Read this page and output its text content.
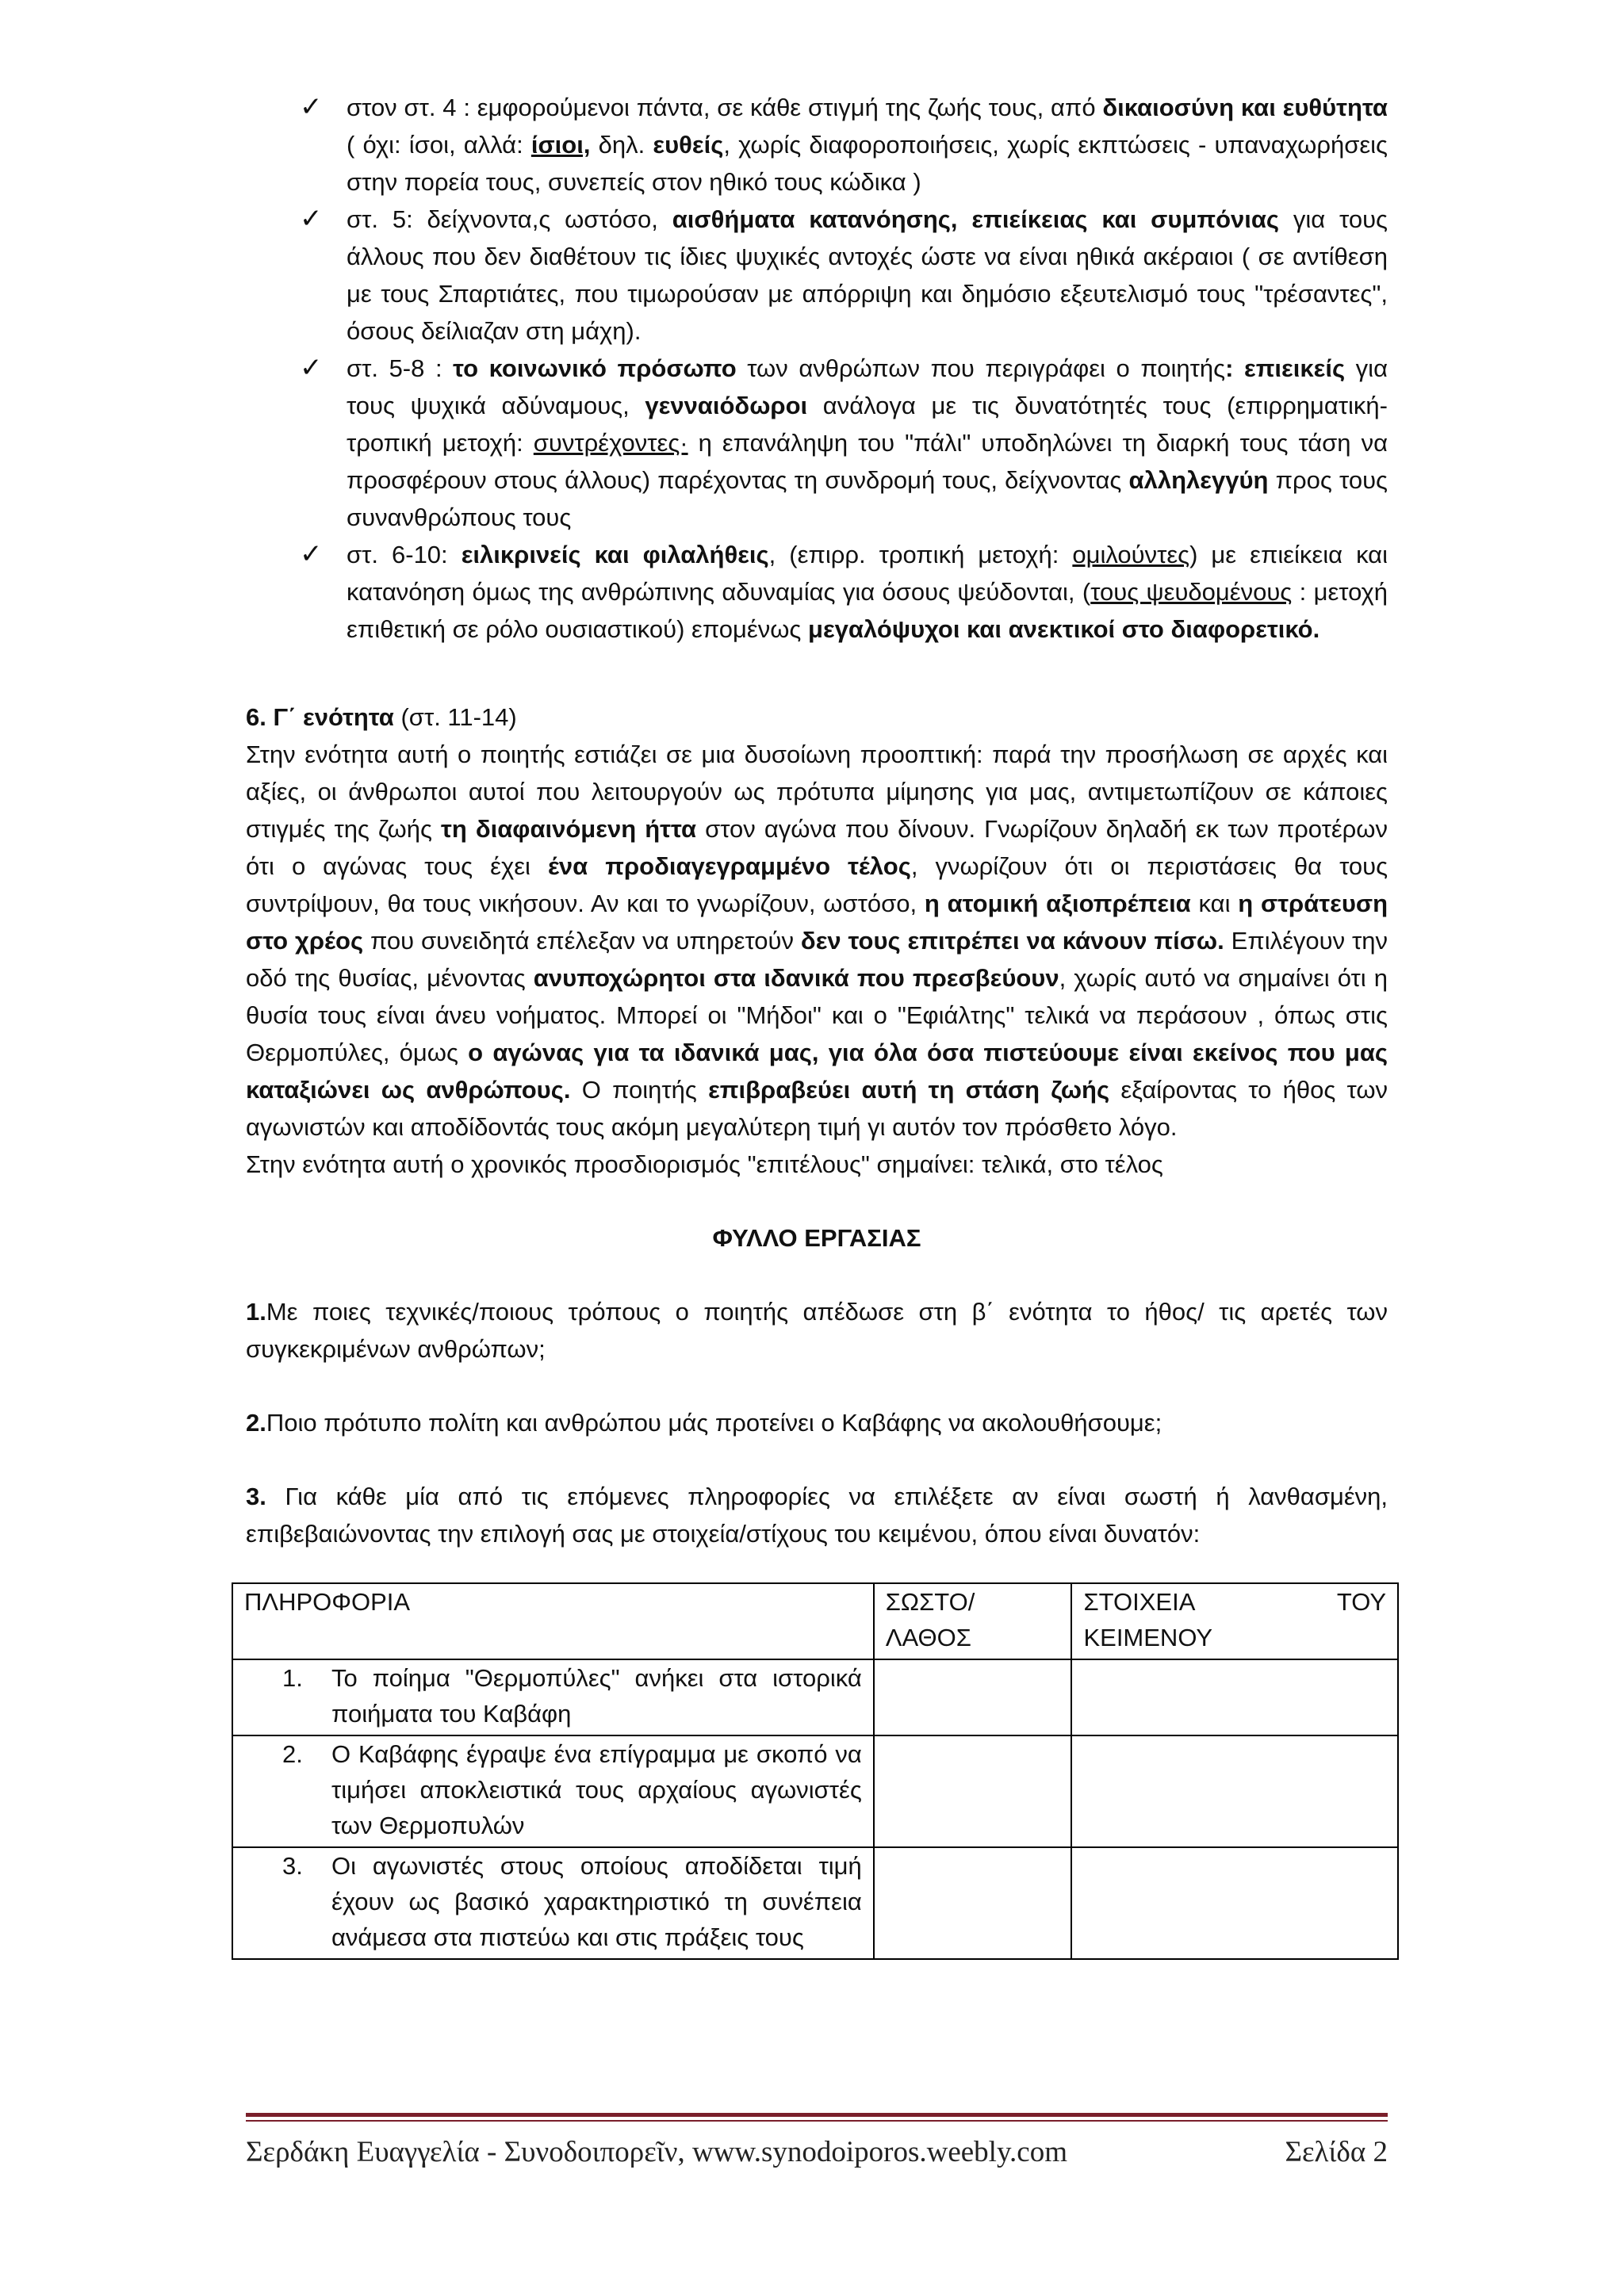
✓ στον στ. 4 : εμφορούμενοι πάντα, σε κάθε στιγμή της ζωής τους, από δικαιοσύνη και ευθύτητα ( όχι: ίσοι, αλλά: ίσιοι, δηλ. ευθείς, χωρίς διαφοροποιήσεις, χωρίς εκπτώσεις - υπαναχωρήσεις στην πορεία τους, συνεπείς στον ηθικό τους κώδικα )
✓ στ. 5: δείχνοντα,ς ωστόσο, αισθήματα κατανόησης, επιείκειας και συμπόνιας για τους άλλους που δεν διαθέτουν τις ίδιες ψυχικές αντοχές ώστε να είναι ηθικά ακέραιοι ( σε αντίθεση με τους Σπαρτιάτες, που τιμωρούσαν με απόρριψη και δημόσιο εξευτελισμό τους "τρέσαντες", όσους δείλιαζαν στη μάχη).
✓ στ. 5-8 : το κοινωνικό πρόσωπο των ανθρώπων που περιγράφει ο ποιητής: επιεικείς για τους ψυχικά αδύναμους, γενναιόδωροι ανάλογα με τις δυνατότητές τους (επιρρηματική- τροπική μετοχή: συντρέχοντες· η επανάληψη του "πάλι" υποδηλώνει τη διαρκή τους τάση να προσφέρουν στους άλλους) παρέχοντας τη συνδρομή τους, δείχνοντας αλληλεγγύη προς τους συνανθρώπους τους
✓ στ. 6-10: ειλικρινείς και φιλαλήθεις, (επιρρ. τροπική μετοχή: ομιλούντες) με επιείκεια και κατανόηση όμως της ανθρώπινης αδυναμίας για όσους ψεύδονται, (τους ψευδομένους : μετοχή επιθετική σε ρόλο ουσιαστικού) επομένως μεγαλόψυχοι και ανεκτικοί στο διαφορετικό.

6. Γ΄ ενότητα (στ. 11-14)

Στην ενότητα αυτή ο ποιητής εστιάζει σε μια δυσοίωνη προοπτική: παρά την προσήλωση σε αρχές και αξίες, οι άνθρωποι αυτοί που λειτουργούν ως πρότυπα μίμησης για μας, αντιμετωπίζουν σε κάποιες στιγμές της ζωής τη διαφαινόμενη ήττα στον αγώνα που δίνουν. Γνωρίζουν δηλαδή εκ των προτέρων ότι ο αγώνας τους έχει ένα προδιαγεγραμμένο τέλος, γνωρίζουν ότι οι περιστάσεις θα τους συντρίψουν, θα τους νικήσουν. Αν και το γνωρίζουν, ωστόσο, η ατομική αξιοπρέπεια και η στράτευση στο χρέος που συνειδητά επέλεξαν να υπηρετούν δεν τους επιτρέπει να κάνουν πίσω. Επιλέγουν την οδό της θυσίας, μένοντας ανυποχώρητοι στα ιδανικά που πρεσβεύουν, χωρίς αυτό να σημαίνει ότι η θυσία τους είναι άνευ νοήματος. Μπορεί οι "Μήδοι" και ο "Εφιάλτης" τελικά να περάσουν , όπως στις Θερμοπύλες, όμως ο αγώνας για τα ιδανικά μας, για όλα όσα πιστεύουμε είναι εκείνος που μας καταξιώνει ως ανθρώπους. Ο ποιητής επιβραβεύει αυτή τη στάση ζωής εξαίροντας το ήθος των αγωνιστών και αποδίδοντάς τους ακόμη μεγαλύτερη τιμή γι αυτόν τον πρόσθετο λόγο.

Στην ενότητα αυτή ο χρονικός προσδιορισμός "επιτέλους" σημαίνει: τελικά, στο τέλος

ΦΥΛΛΟ ΕΡΓΑΣΙΑΣ

1.Με ποιες τεχνικές/ποιους τρόπους ο ποιητής απέδωσε στη β΄ ενότητα το ήθος/ τις αρετές των συγκεκριμένων ανθρώπων;

2.Ποιο πρότυπο πολίτη και ανθρώπου μάς προτείνει ο Καβάφης να ακολουθήσουμε;

3. Για κάθε μία από τις επόμενες πληροφορίες να επιλέξετε αν είναι σωστή ή λανθασμένη, επιβεβαιώνοντας την επιλογή σας με στοιχεία/στίχους του κειμένου, όπου είναι δυνατόν:

ΠΛΗΡΟΦΟΡΙΑ	ΣΩΣΤΟ/ΛΑΘΟΣ	ΣΤΟΙΧΕΙΑ ΤΟΥ
ΚΕΙΜΕΝΟΥ

1. Το ποίημα "Θερμοπύλες" ανήκει στα ιστορικά ποιήματα του Καβάφη		

2. Ο Καβάφης έγραψε ένα επίγραμμα με σκοπό να τιμήσει αποκλειστικά τους αρχαίους αγωνιστές των Θερμοπυλών		

3. Οι αγωνιστές στους οποίους αποδίδεται τιμή έχουν ως βασικό χαρακτηριστικό τη συνέπεια ανάμεσα στα πιστεύω και στις πράξεις τους		

Σερδάκη Ευαγγελία - Συνοδοιπορεῖν, www.synodoiporos.weebly.com	Σελίδα 2
